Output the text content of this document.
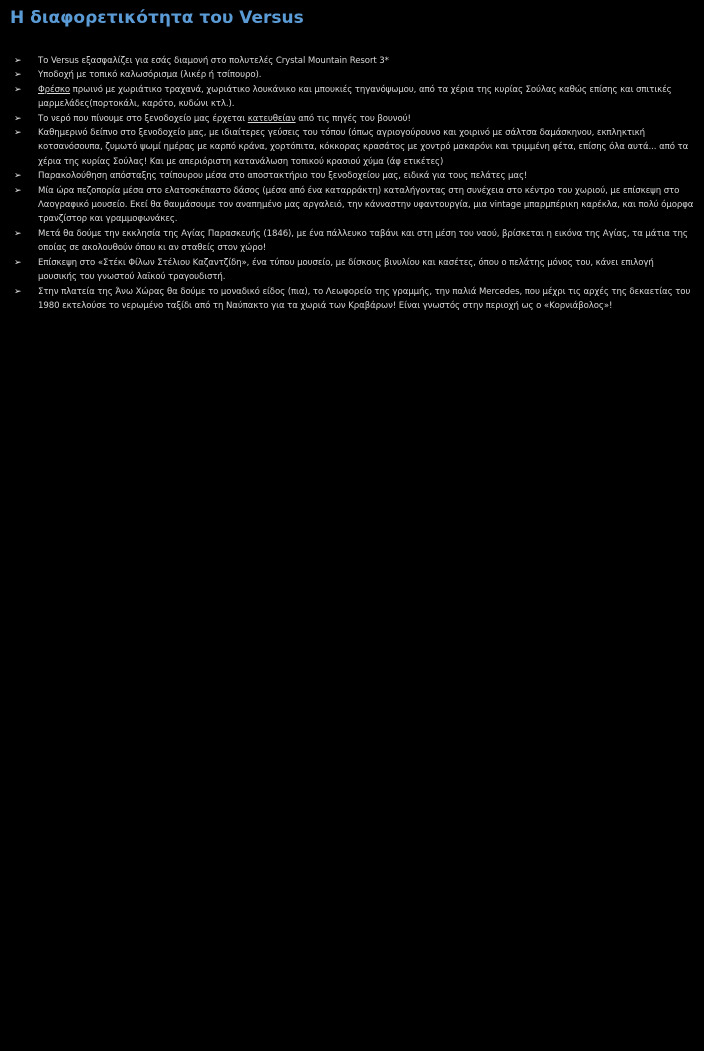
Η διαφορετικότητα του Versus
➢	Το Versus εξασφαλίζει για εσάς διαμονή στο πολυτελές Crystal Mountain Resort 3*
➢	Υποδοχή με τοπικό καλωσόρισμα (λικέρ ή τσίπουρο).
➢	Φρέσκο πρωινό με χωριάτικο τραχανά, χωριάτικο λουκάνικο και μπουκιές τηγανόψωμου, από τα χέρια της κυρίας Σούλας καθώς επίσης και σπιτικές μαρμελάδες(πορτοκάλι, καρότο, κυδώνι κτλ.).
➢	Το νερό που πίνουμε στο ξενοδοχείο μας έρχεται κατευθείαν από τις πηγές του βουνού!
➢	Καθημερινό δείπνο στο ξενοδοχείο μας, με ιδιαίτερες γεύσεις του τόπου (όπως αγριογούρουνο και χοιρινό με σάλτσα δαμάσκηνου, εκπληκτική κοτσανόσουπα, ζυμωτό ψωμί ημέρας με καρπό κράνα, χορτόπιτα, κόκκορας κρασάτος με χοντρό μακαρόνι και τριμμένη φέτα, επίσης όλα αυτά... από τα χέρια της κυρίας Σούλας! Και με απεριόριστη κατανάλωση τοπικού κρασιού χύμα (άφ ετικέτες)
➢	Παρακολούθηση απόσταξης τσίπουρου μέσα στο αποστακτήριο του ξενοδοχείου μας, ειδικά για τους πελάτες μας!
➢	Μία ώρα πεζοπορία μέσα στο ελατοσκέπαστο δάσος (μέσα από ένα καταρράκτη) καταλήγοντας στη συνέχεια στο κέντρο του χωριού, με επίσκεψη στο Λαογραφικό μουσείο. Εκεί θα θαυμάσουμε τον αναπημένο μας αργαλειό, την κάνναστην υφαντουργία, μια vintage μπαρμπέρικη καρέκλα, και πολύ όμορφα τρανζίστορ και γραμμοφωνάκες.
➢	Μετά θα δούμε την εκκλησία της Αγίας Παρασκευής (1846), με ένα πάλλευκο ταβάνι και στη μέση του ναού, βρίσκεται η εικόνα της Αγίας, τα μάτια της οποίας σε ακολουθούν όπου κι αν σταθείς στον χώρο!
➢	Επίσκεψη στο «Στέκι Φίλων Στέλιου Καζαντζίδη», ένα τύπου μουσείο, με δίσκους βινυλίου και κασέτες, όπου ο πελάτης μόνος του, κάνει επιλογή μουσικής του γνωστού λαϊκού τραγουδιστή.
➢	Στην πλατεία της Άνω Χώρας θα δούμε το μοναδικό είδος (πια), το Λεωφορείο της γραμμής, την παλιά Mercedes, που μέχρι τις αρχές της δεκαετίας του 1980 εκτελούσε το νερωμένο ταξίδι από τη Ναύπακτο για τα χωριά των Κραβάρων! Είναι γνωστός στην περιοχή ως ο «Κορνιάβολος»!
